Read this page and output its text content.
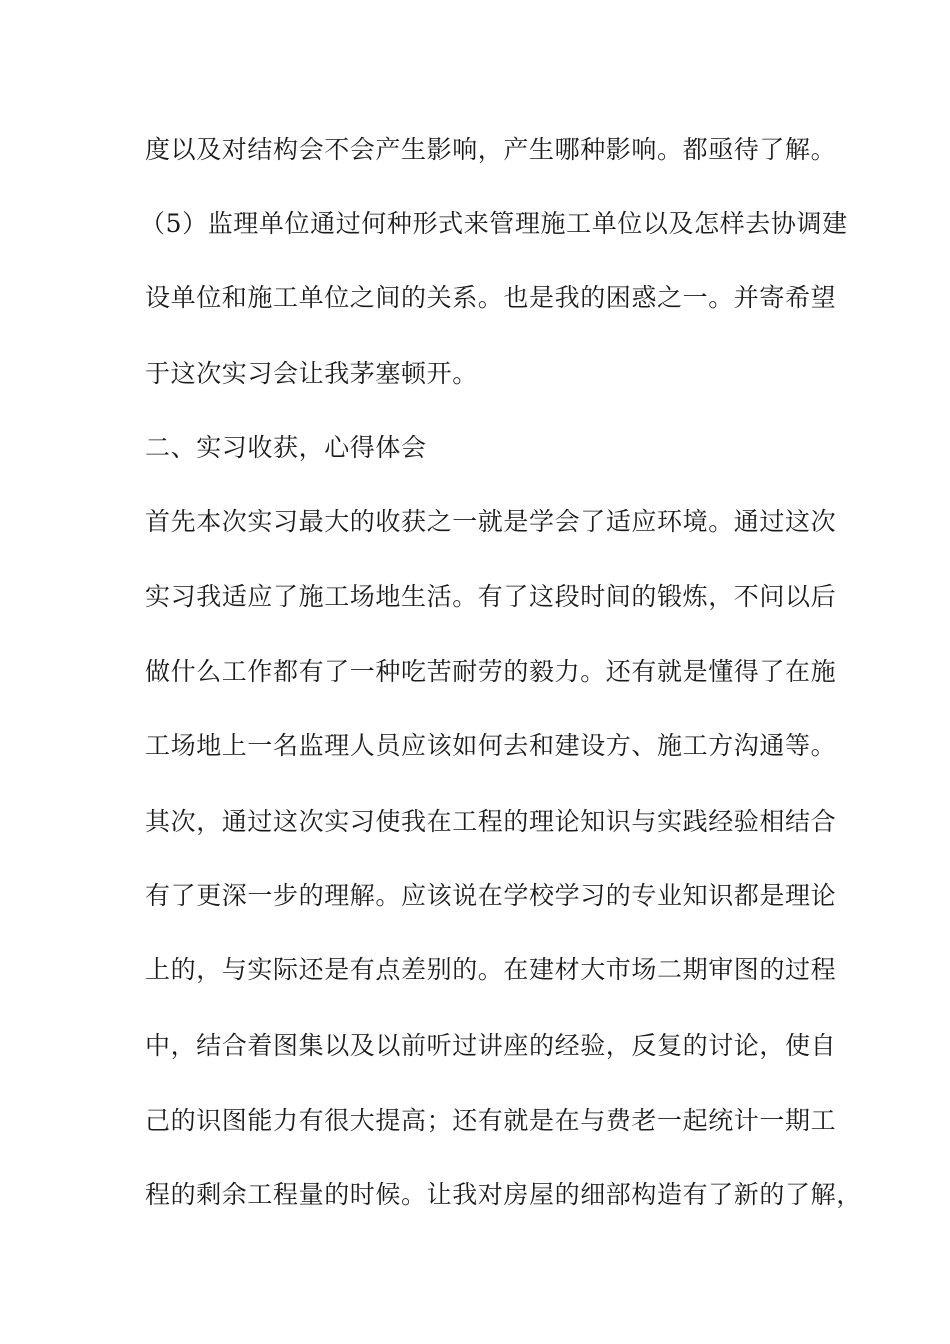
度以及对结构会不会产生影响，产生哪种影响。都亟待了解。
（5）监理单位通过何种形式来管理施工单位以及怎样去协调建
设单位和施工单位之间的关系。也是我的困惑之一。并寄希望
于这次实习会让我茅塞顿开。
二、实习收获，心得体会
首先本次实习最大的收获之一就是学会了适应环境。通过这次
实习我适应了施工场地生活。有了这段时间的锻炼，不问以后
做什么工作都有了一种吃苦耐劳的毅力。还有就是懂得了在施
工场地上一名监理人员应该如何去和建设方、施工方沟通等。
其次，通过这次实习使我在工程的理论知识与实践经验相结合
有了更深一步的理解。应该说在学校学习的专业知识都是理论
上的，与实际还是有点差别的。在建材大市场二期审图的过程
中，结合着图集以及以前听过讲座的经验，反复的讨论，使自
己的识图能力有很大提高；还有就是在与费老一起统计一期工
程的剩余工程量的时候。让我对房屋的细部构造有了新的了解，
